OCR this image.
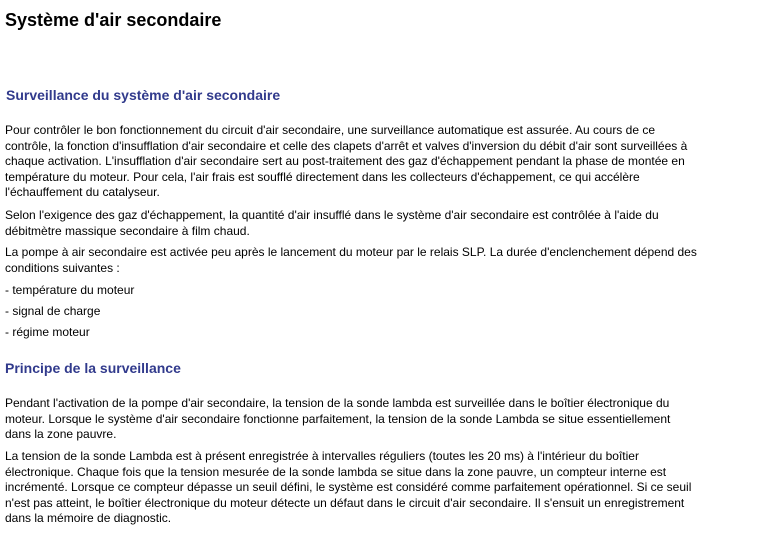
Système d'air secondaire
Surveillance du système d'air secondaire

Pour contrôler le bon fonctionnement du circuit d'air secondaire, une surveillance automatique est assurée. Au cours de ce
contrôle, la fonction d'insufflation d'air secondaire et celle des clapets d'arrêt et valves d'inversion du débit d'air sont surveillées à
chaque activation. L'insufflation d'air secondaire sert au post-traitement des gaz d'échappement pendant la phase de montée en
température du moteur. Pour cela, l'air frais est soufflé directement dans les collecteurs d'échappement, ce qui accélère
l'échauffement du catalyseur.

Selon l'exigence des gaz d'échappement, la quantité d'air insufflé dans le système d'air secondaire est contrôlée à l'aide du
débitmètre massique secondaire à film chaud.

La pompe à air secondaire est activée peu après le lancement du moteur par le relais SLP. La durée d'enclenchement dépend des
conditions suivantes :

- température du moteur

- signal de charge

- régime moteur

Principe de la surveillance

Pendant l'activation de la pompe d'air secondaire, la tension de la sonde lambda est surveillée dans le boîtier électronique du
moteur. Lorsque le système d'air secondaire fonctionne parfaitement, la tension de la sonde Lambda se situe essentiellement
dans la zone pauvre.

La tension de la sonde Lambda est à présent enregistrée à intervalles réguliers (toutes les 20 ms) à l'intérieur du boîtier
électronique. Chaque fois que la tension mesurée de la sonde lambda se situe dans la zone pauvre, un compteur interne est
incrémenté. Lorsque ce compteur dépasse un seuil défini, le système est considéré comme parfaitement opérationnel. Si ce seuil
n'est pas atteint, le boîtier électronique du moteur détecte un défaut dans le circuit d'air secondaire. Il s'ensuit un enregistrement
dans la mémoire de diagnostic.
